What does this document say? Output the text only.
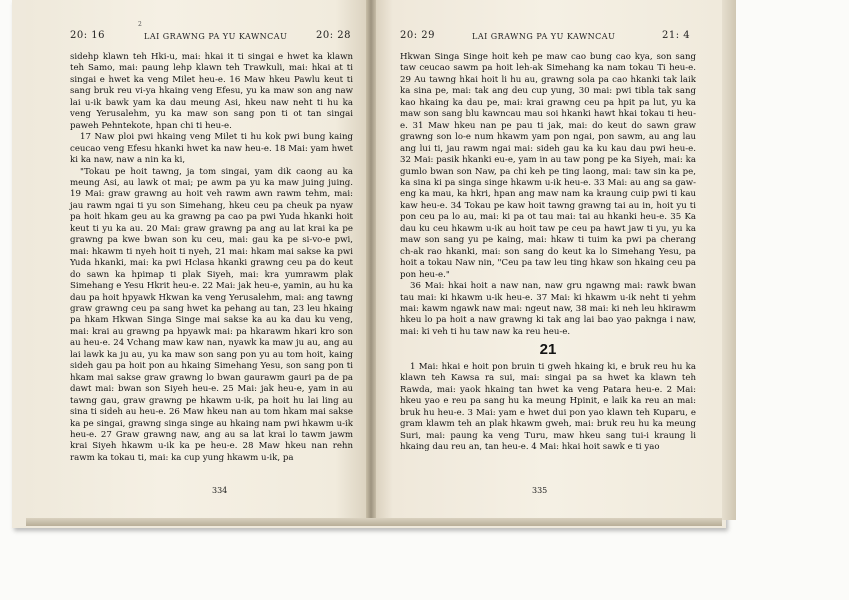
2
20: 16	LAI GRAWNG PA YU KAWNCAU	20: 28

sidehp klawn teh Hki-u, mai: hkai it ti singai e hwet ka klawn teh Samo, mai: paung lehp klawn teh Trawkuli, mai: hkai at ti singai e hwet ka veng Milet heu-e. 16 Maw hkeu Pawlu keut ti sang bruk reu vi-ya hkaing veng Efesu, yu ka maw son ang naw lai u-ik bawk yam ka dau meung Asi, hkeu naw neht ti hu ka veng Yerusalehm, yu ka maw son sang pon ti ot tan singai paweh Pehntekote, hpan chi ti heu-e.

17 Naw ploi pwi hkaing veng Milet ti hu kok pwi bung kaing ceucao veng Efesu hkanki hwet ka naw heu-e. 18 Mai: yam hwet ki ka naw, naw a nin ka ki,

"Tokau pe hoit tawng, ja tom singai, yam dik caong au ka meung Asi, au lawk ot mai; pe awm pa yu ka maw juing juing. 19 Mai: graw grawng au hoit veh rawm awn rawm tehm, mai: jau rawm ngai ti yu son Simehang, hkeu ceu pa cheuk pa nyaw pa hoit hkam geu au ka grawng pa cao pa pwi Yuda hkanki hoit keut ti yu ka au. 20 Mai: graw grawng pa ang au lat krai ka pe grawng pa kwe bwan son ku ceu, mai: gau ka pe si-vo-e pwi, mai: hkawm ti nyeh hoit ti nyeh, 21 mai: hkam mai sakse ka pwi Yuda hkanki, mai: ka pwi Hclasa hkanki grawng ceu pa do keut do sawn ka hpimap ti plak Siyeh, mai: kra yumrawm plak Simehang e Yesu Hkrit heu-e. 22 Mai: jak heu-e, yamin, au hu ka dau pa hoit hpyawk Hkwan ka veng Yerusalehm, mai: ang tawng graw grawng ceu pa sang hwet ka pehang au tan, 23 leu hkaing pa hkam Hkwan Singa Singe mai sakse ka au ka dau ku veng, mai: krai au grawng pa hpyawk mai: pa hkarawm hkari kro son au heu-e. 24 Vchang maw kaw nan, nyawk ka maw ju au, ang au lai lawk ka ju au, yu ka maw son sang pon yu au tom hoit, kaing sideh gau pa hoit pon au hkaing Simehang Yesu, son sang pon ti hkam mai sakse graw grawng lo bwan gaurawm gauri pa de pa dawt mai: bwan son Siyeh heu-e. 25 Mai: jak heu-e, yam in au tawng gau, graw grawng pe hkawm u-ik, pa hoit hu lai ling au sina ti sideh au heu-e. 26 Maw hkeu nan au tom hkam mai sakse ka pe singai, grawng singa singe au hkaing nam pwi hkawm u-ik heu-e. 27 Graw grawng naw, ang au sa lat krai lo tawm jawm krai Siyeh hkawm u-ik ka pe heu-e. 28 Maw hkeu nan rehn rawm ka tokau ti, mai: ka cup yung hkawm u-ik, pa

334
20: 29	LAI GRAWNG PA YU KAWNCAU	21: 4

Hkwan Singa Singe hoit keh pe maw cao bung cao kya, son sang taw ceucao sawm pa hoit leh-ak Simehang ka nam tokau Ti heu-e. 29 Au tawng hkai hoit li hu au, grawng sola pa cao hkanki tak laik ka sina pe, mai: tak ang deu cup yung, 30 mai: pwi tibla tak sang kao hkaing ka dau pe, mai: krai grawng ceu pa hpit pa lut, yu ka maw son sang blu kawncau mau soi hkanki hawt hkai tokau ti heu-e. 31 Maw hkeu nan pe pau ti jak, mai: do keut do sawn graw grawng son lo-e num hkawm yam pon ngai, pon sawm, au ang lau ang lui ti, jau rawm ngai mai: sideh gau ka ku kau dau pwi heu-e. 32 Mai: pasik hkanki eu-e, yam in au taw pong pe ka Siyeh, mai: ka gumlo bwan son Naw, pa chi keh pe ting laong, mai: taw sin ka pe, ka sina ki pa singa singe hkawm u-ik heu-e. 33 Mai: au ang sa gaw-eng ka mau, ka hkri, hpan ang maw nam ka kraung cuip pwi ti kau kaw heu-e. 34 Tokau pe kaw hoit tawng grawng tai au in, hoit yu ti pon ceu pa lo au, mai: ki pa ot tau mai: tai au hkanki heu-e. 35 Ka dau ku ceu hkawm u-ik au hoit taw pe ceu pa hawt jaw ti yu, yu ka maw son sang yu pe kaing, mai: hkaw ti tuim ka pwi pa cherang ch-ak rao hkanki, mai: son sang do keut ka lo Simehang Yesu, pa hoit a tokau Naw nin, "Ceu pa taw leu ting hkaw son hkaing ceu pa pon heu-e."

36 Mai: hkai hoit a naw nan, naw gru ngawng mai: rawk bwan tau mai: ki hkawm u-ik heu-e. 37 Mai: ki hkawm u-ik neht ti yehm mai: kawm ngawk naw mai: ngeut naw, 38 mai: ki neh leu hkirawm hkeu lo pa hoit a naw grawng ki tak ang lai bao yao paknga i naw, mai: ki veh ti hu taw naw ka reu heu-e.

21

1 Mai: hkai e hoit pon bruin ti gweh hkaing ki, e bruk reu hu ka klawn teh Kawsa ra sui, mai: singai pa sa hwet ka klawn teh Rawda, mai: yaok hkaing tan hwet ka veng Patara heu-e. 2 Mai: hkeu yao e reu pa sang hu ka meung Hpinit, e laik ka reu an mai: bruk hu heu-e. 3 Mai: yam e hwet dui pon yao klawn teh Kuparu, e gram klawm teh an plak hkawm gweh, mai: bruk reu hu ka meung Suri, mai: paung ka veng Turu, maw hkeu sang tui-i kraung li hkaing dau reu an, tan heu-e. 4 Mai: hkai hoit sawk e ti yao

335
